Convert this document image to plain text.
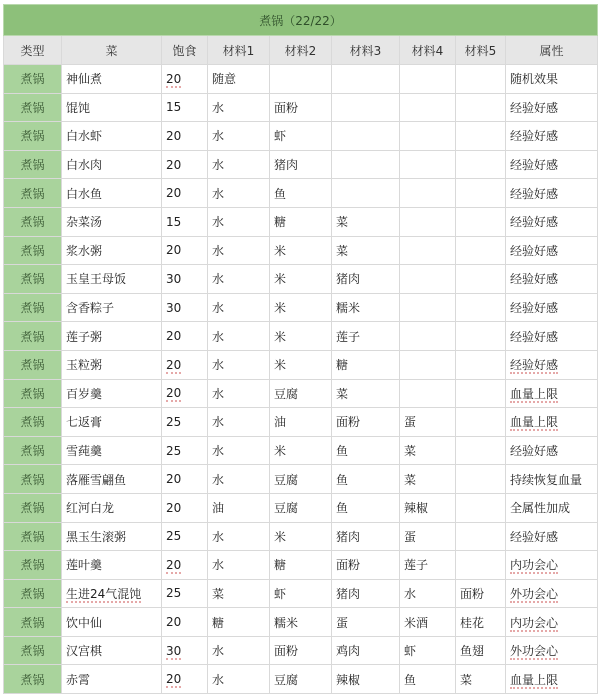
煮锅（22/22）								
类型	菜	饱食	材料1	材料2	材料3	材料4	材料5	属性
煮锅	神仙煮	20	随意					随机效果
煮锅	馄饨	15	水	面粉				经验好感
煮锅	白水虾	20	水	虾				经验好感
煮锅	白水肉	20	水	猪肉				经验好感
煮锅	白水鱼	20	水	鱼				经验好感
煮锅	杂菜汤	15	水	糖	菜			经验好感
煮锅	浆水粥	20	水	米	菜			经验好感
煮锅	玉皇王母饭	30	水	米	猪肉			经验好感
煮锅	含香粽子	30	水	米	糯米			经验好感
煮锅	莲子粥	20	水	米	莲子			经验好感
煮锅	玉粒粥	20	水	米	糖			经验好感
煮锅	百岁羹	20	水	豆腐	菜			血量上限
煮锅	七返膏	25	水	油	面粉	蛋		血量上限
煮锅	雪莼羹	25	水	米	鱼	菜		经验好感
煮锅	落雁雪翩鱼	20	水	豆腐	鱼	菜		持续恢复血量
煮锅	红河白龙	20	油	豆腐	鱼	辣椒		全属性加成
煮锅	黑玉生滚粥	25	水	米	猪肉	蛋		经验好感
煮锅	莲叶羹	20	水	糖	面粉	莲子		内功会心
煮锅	生进24气混饨	25	菜	虾	猪肉	水	面粉	外功会心
煮锅	饮中仙	20	糖	糯米	蛋	米酒	桂花	内功会心
煮锅	汉宫棋	30	水	面粉	鸡肉	虾	鱼翅	外功会心
煮锅	赤霄	20	水	豆腐	辣椒	鱼	菜	血量上限
